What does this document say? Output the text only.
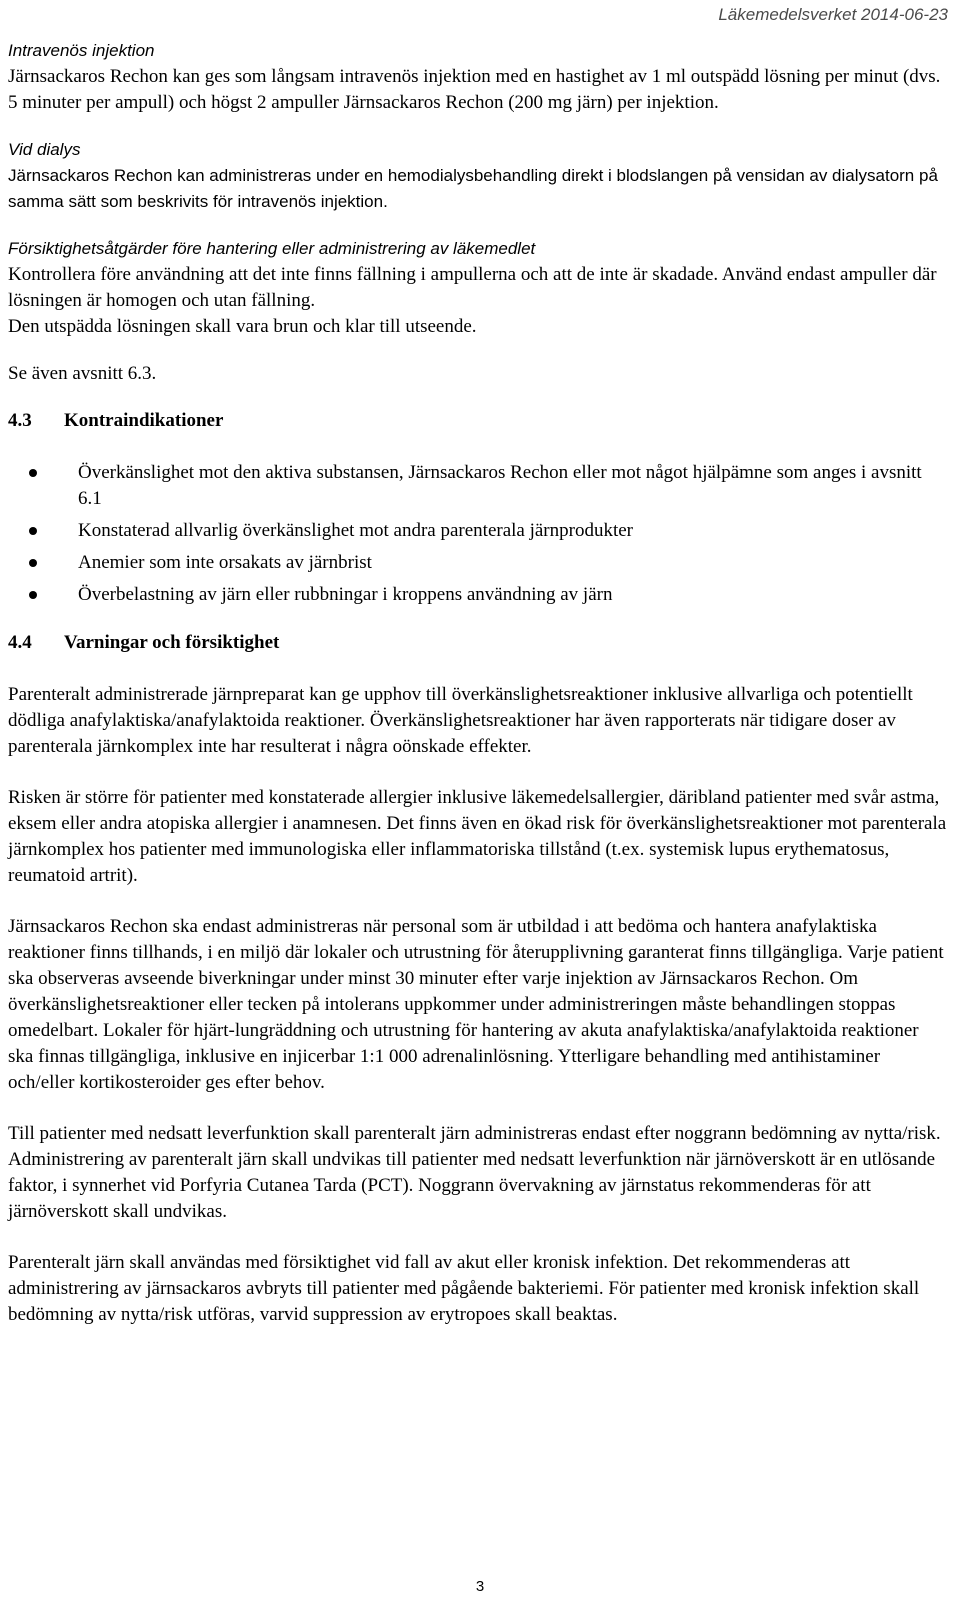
Läkemedelsverket 2014-06-23

Intravenös injektion

Järnsackaros Rechon kan ges som långsam intravenös injektion med en hastighet av 1 ml outspädd lösning per minut (dvs. 5 minuter per ampull) och högst 2 ampuller Järnsackaros Rechon (200 mg järn) per injektion.

Vid dialys

Järnsackaros Rechon kan administreras under en hemodialysbehandling direkt i blodslangen på vensidan av dialysatorn på samma sätt som beskrivits för intravenös injektion.

Försiktighetsåtgärder före hantering eller administrering av läkemedlet

Kontrollera före användning att det inte finns fällning i ampullerna och att de inte är skadade. Använd endast ampuller där lösningen är homogen och utan fällning.

Den utspädda lösningen skall vara brun och klar till utseende.

Se även avsnitt 6.3.

4.3	Kontraindikationer
Överkänslighet mot den aktiva substansen, Järnsackaros Rechon eller mot något hjälpämne som anges i avsnitt 6.1
Konstaterad allvarlig överkänslighet mot andra parenterala järnprodukter
Anemier som inte orsakats av järnbrist
Överbelastning av järn eller rubbningar i kroppens användning av järn
4.4	Varningar och försiktighet

Parenteralt administrerade järnpreparat kan ge upphov till överkänslighetsreaktioner inklusive allvarliga och potentiellt dödliga anafylaktiska/anafylaktoida reaktioner. Överkänslighetsreaktioner har även rapporterats när tidigare doser av parenterala järnkomplex inte har resulterat i några oönskade effekter.

Risken är större för patienter med konstaterade allergier inklusive läkemedelsallergier, däribland patienter med svår astma, eksem eller andra atopiska allergier i anamnesen. Det finns även en ökad risk för överkänslighetsreaktioner mot parenterala järnkomplex hos patienter med immunologiska eller inflammatoriska tillstånd (t.ex. systemisk lupus erythematosus, reumatoid artrit).

Järnsackaros Rechon ska endast administreras när personal som är utbildad i att bedöma och hantera anafylaktiska reaktioner finns tillhands, i en miljö där lokaler och utrustning för återupplivning garanterat finns tillgängliga. Varje patient ska observeras avseende biverkningar under minst 30 minuter efter varje injektion av Järnsackaros Rechon. Om överkänslighetsreaktioner eller tecken på intolerans uppkommer under administreringen måste behandlingen stoppas omedelbart. Lokaler för hjärt-lungräddning och utrustning för hantering av akuta anafylaktiska/anafylaktoida reaktioner ska finnas tillgängliga, inklusive en injicerbar 1:1 000 adrenalinlösning. Ytterligare behandling med antihistaminer och/eller kortikosteroider ges efter behov.

Till patienter med nedsatt leverfunktion skall parenteralt järn administreras endast efter noggrann bedömning av nytta/risk. Administrering av parenteralt järn skall undvikas till patienter med nedsatt leverfunktion när järnöverskott är en utlösande faktor, i synnerhet vid Porfyria Cutanea Tarda (PCT). Noggrann övervakning av järnstatus rekommenderas för att järnöverskott skall undvikas.

Parenteralt järn skall användas med försiktighet vid fall av akut eller kronisk infektion. Det rekommenderas att administrering av järnsackaros avbryts till patienter med pågående bakteriemi. För patienter med kronisk infektion skall bedömning av nytta/risk utföras, varvid suppression av erytropoes skall beaktas.

3
